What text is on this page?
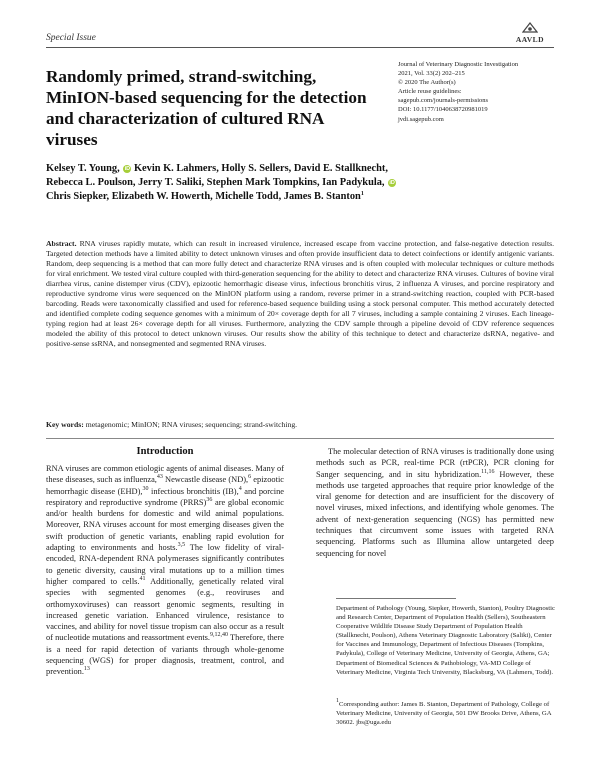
Special Issue	AAVLD
Randomly primed, strand-switching, MinION-based sequencing for the detection and characterization of cultured RNA viruses
Journal of Veterinary Diagnostic Investigation
2021, Vol. 33(2) 202–215
© 2020 The Author(s)
Article reuse guidelines:
sagepub.com/journals-permissions
DOI: 10.1177/1040638720981019
jvdi.sagepub.com
Kelsey T. Young, iD Kevin K. Lahmers, Holly S. Sellers, David E. Stallknecht,
Rebecca L. Poulson, Jerry T. Saliki, Stephen Mark Tompkins, Ian Padykula, iD
Chris Siepker, Elizabeth W. Howerth, Michelle Todd, James B. Stanton$^1$
Abstract. RNA viruses rapidly mutate, which can result in increased virulence, increased escape from vaccine protection, and false-negative detection results. Targeted detection methods have a limited ability to detect unknown viruses and often provide insufficient data to detect coinfections or identify antigenic variants. Random, deep sequencing is a method that can more fully detect and characterize RNA viruses and is often coupled with molecular techniques or culture methods for viral enrichment. We tested viral culture coupled with third-generation sequencing for the ability to detect and characterize RNA viruses. Cultures of bovine viral diarrhea virus, canine distemper virus (CDV), epizootic hemorrhagic disease virus, infectious bronchitis virus, 2 influenza A viruses, and porcine respiratory and reproductive syndrome virus were sequenced on the MinION platform using a random, reverse primer in a strand-switching reaction, coupled with PCR-based barcoding. Reads were taxonomically classified and used for reference-based sequence building using a stock personal computer. This method accurately detected and identified complete coding sequence genomes with a minimum of 20× coverage depth for all 7 viruses, including a sample containing 2 viruses. Each lineage-typing region had at least 26× coverage depth for all viruses. Furthermore, analyzing the CDV sample through a pipeline devoid of CDV reference sequences modeled the ability of this protocol to detect unknown viruses. Our results show the ability of this technique to detect and characterize dsRNA, negative- and positive-sense ssRNA, and nonsegmented and segmented RNA viruses.
Key words: metagenomic; MinION; RNA viruses; sequencing; strand-switching.
Introduction
RNA viruses are common etiologic agents of animal diseases. Many of these diseases, such as influenza,$^{43}$ Newcastle disease (ND),$^6$ epizootic hemorrhagic disease (EHD),$^{30}$ infectious bronchitis (IB),$^4$ and porcine respiratory and reproductive syndrome (PRRS)$^{36}$ are global economic and/or health burdens for domestic and wild animal populations. Moreover, RNA viruses account for most emerging diseases given the swift production of genetic variants, enabling rapid evolution for adapting to environments and hosts.$^{3,5}$ The low fidelity of viral-encoded, RNA-dependent RNA polymerases significantly contributes to genetic diversity, causing viral mutations up to a million times higher compared to cells.$^{41}$ Additionally, genetically related viral species with segmented genomes (e.g., reoviruses and orthomyxoviruses) can reassort genomic segments, resulting in increased genetic variation. Enhanced virulence, resistance to vaccines, and ability for novel tissue tropism can also occur as a result of nucleotide mutations and reassortment events.$^{9,12,40}$ Therefore, there is a need for rapid detection of variants through whole-genome sequencing (WGS) for proper diagnosis, treatment, control, and prevention.$^{13}$
The molecular detection of RNA viruses is traditionally done using methods such as PCR, real-time PCR (rtPCR), PCR cloning for Sanger sequencing, and in situ hybridization.$^{11,16}$ However, these methods use targeted approaches that require prior knowledge of the viral genome for detection and are insufficient for the discovery of novel viruses, mixed infections, and identifying whole genomes. The advent of next-generation sequencing (NGS) has permitted new techniques that circumvent some issues with targeted RNA sequencing. Platforms such as Illumina allow untargeted deep sequencing for novel
Department of Pathology (Young, Siepker, Howerth, Stanton), Poultry Diagnostic and Research Center, Department of Population Health (Sellers), Southeastern Cooperative Wildlife Disease Study Department of Population Health (Stallknecht, Poulson), Athens Veterinary Diagnostic Laboratory (Saliki), Center for Vaccines and Immunology, Department of Infectious Diseases (Tompkins, Padykula), College of Veterinary Medicine, University of Georgia, Athens, GA; Department of Biomedical Sciences & Pathobiology, VA-MD College of Veterinary Medicine, Virginia Tech University, Blacksburg, VA (Lahmers, Todd).
$^1$Corresponding author: James B. Stanton, Department of Pathology, College of Veterinary Medicine, University of Georgia, 501 DW Brooks Drive, Athens, GA 30602. jbs@uga.edu
